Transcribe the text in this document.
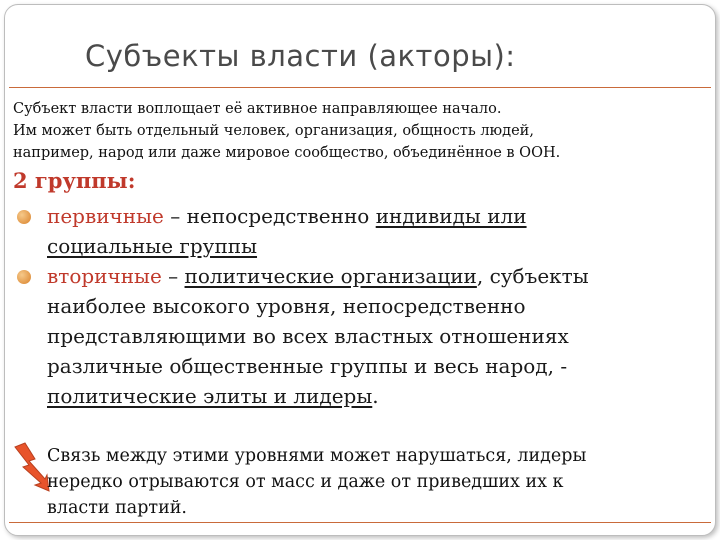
Субъекты власти (акторы):
Субъект власти воплощает её активное направляющее начало.
Им может быть отдельный человек, организация, общность людей,
например, народ или даже мировое сообщество, объединённое в ООН.
2 группы:
первичные – непосредственно индивиды или
социальные группы
вторичные – политические организации, субъекты
наиболее высокого уровня, непосредственно
представляющими во всех властных отношениях
различные общественные группы и весь народ, -
политические элиты и лидеры.
Связь между этими уровнями может нарушаться, лидеры
нередко отрываются от масс и даже от приведших их к
власти партий.
